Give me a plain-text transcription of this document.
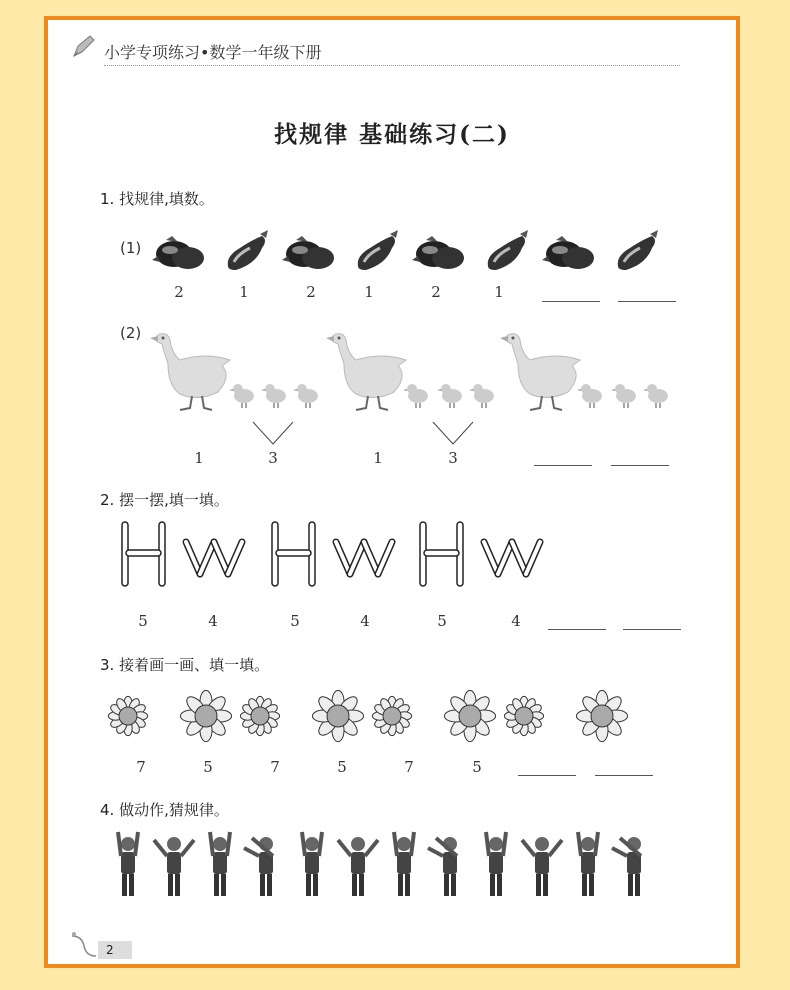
小学专项练习•数学一年级下册
找规律 基础练习(二)
1. 找规律,填数。
(1)
2	1	2	1	2	1
(2)
1	3	1	3
2. 摆一摆,填一填。
5	4	5	4	5	4
3. 接着画一画、填一填。
7	5	7	5	7	5
4. 做动作,猜规律。
2
